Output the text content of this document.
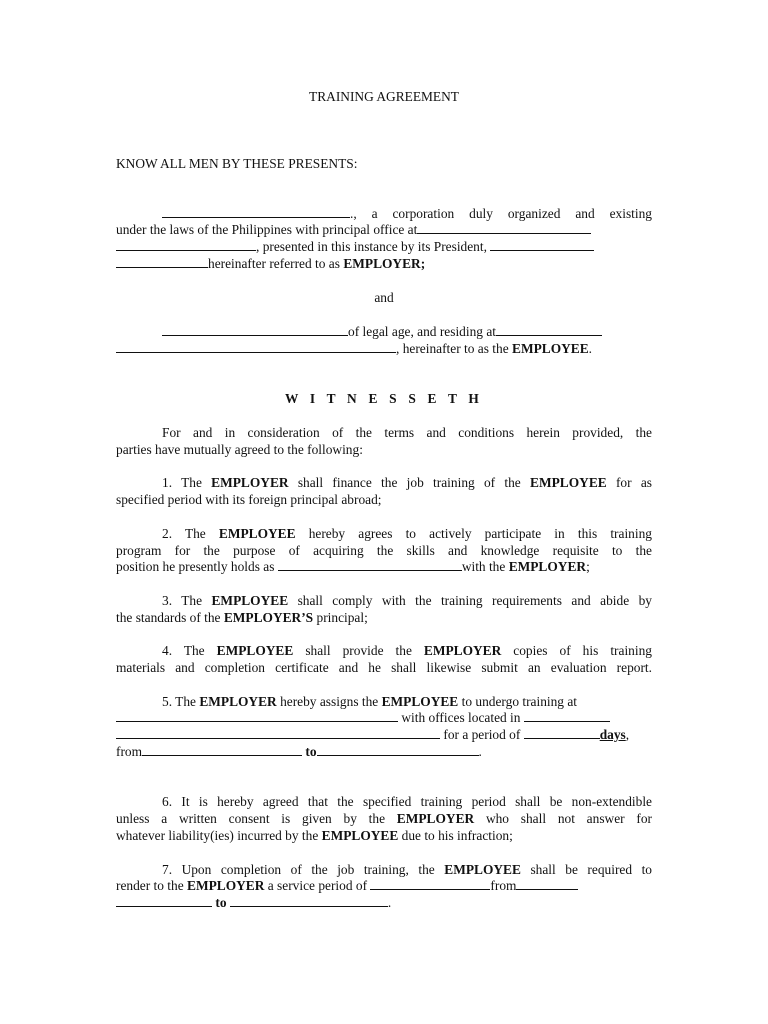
TRAINING AGREEMENT
KNOW ALL MEN BY THESE PRESENTS:
., a corporation duly organized and existing
under the laws of the Philippines with principal office at
, presented in this instance by its President,
hereinafter referred to as EMPLOYER;
and
of legal age, and residing at
, hereinafter to as the EMPLOYEE.
W I T N E S S E T H
For and in consideration of the terms and conditions herein provided, the
parties have mutually agreed to the following:
1. The EMPLOYER shall finance the job training of the EMPLOYEE for as
specified period with its foreign principal abroad;
2. The EMPLOYEE hereby agrees to actively participate in this training
program for the purpose of acquiring the skills and knowledge requisite to the
position he presently holds as	with the EMPLOYER;
3. The EMPLOYEE shall comply with the training requirements and abide by
the standards of the EMPLOYER’S principal;
4. The EMPLOYEE shall provide the EMPLOYER copies of his training
materials and completion certificate and he shall likewise submit an evaluation report.
5. The EMPLOYER hereby assigns the EMPLOYEE to undergo training at
with offices located in
for a period of	days,
from	to	.
6. It is hereby agreed that the specified training period shall be non-extendible
unless a written consent is given by the EMPLOYER who shall not answer for
whatever liability(ies) incurred by the EMPLOYEE due to his infraction;
7. Upon completion of the job training, the EMPLOYEE shall be required to
render to the EMPLOYER a service period of	from
to	.
